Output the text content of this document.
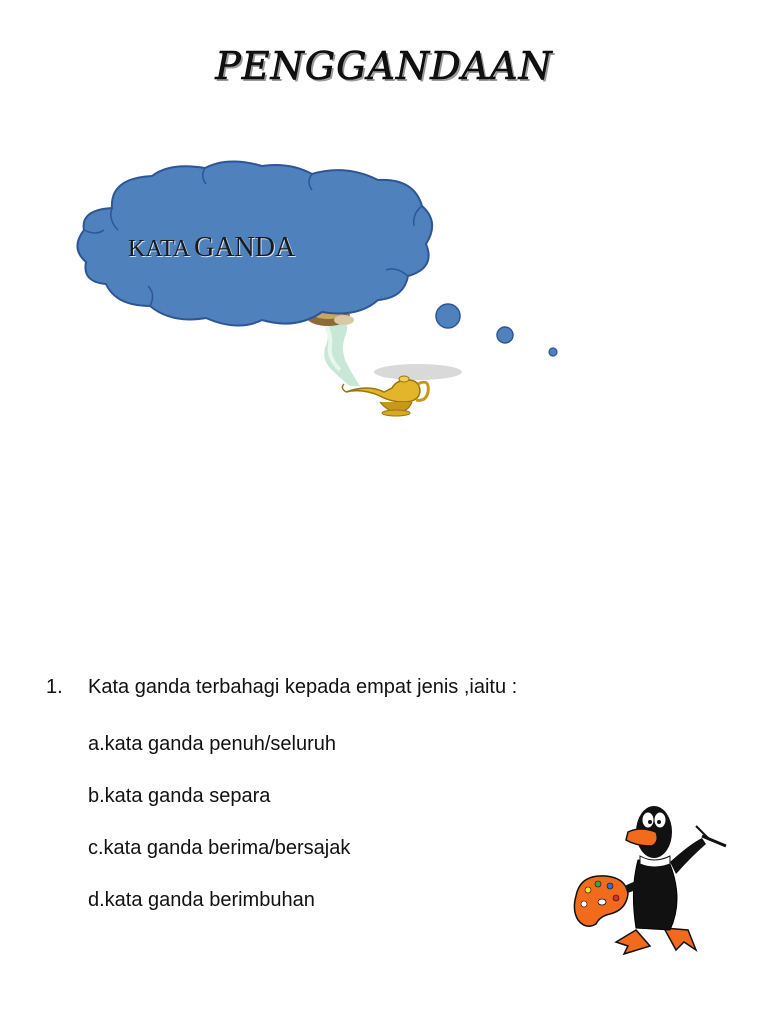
PENGGANDAAN
KATA GANDA
1.	Kata ganda terbahagi kepada empat jenis ,iaitu :
a.kata ganda penuh/seluruh
b.kata ganda separa
c.kata ganda berima/bersajak
d.kata ganda berimbuhan
